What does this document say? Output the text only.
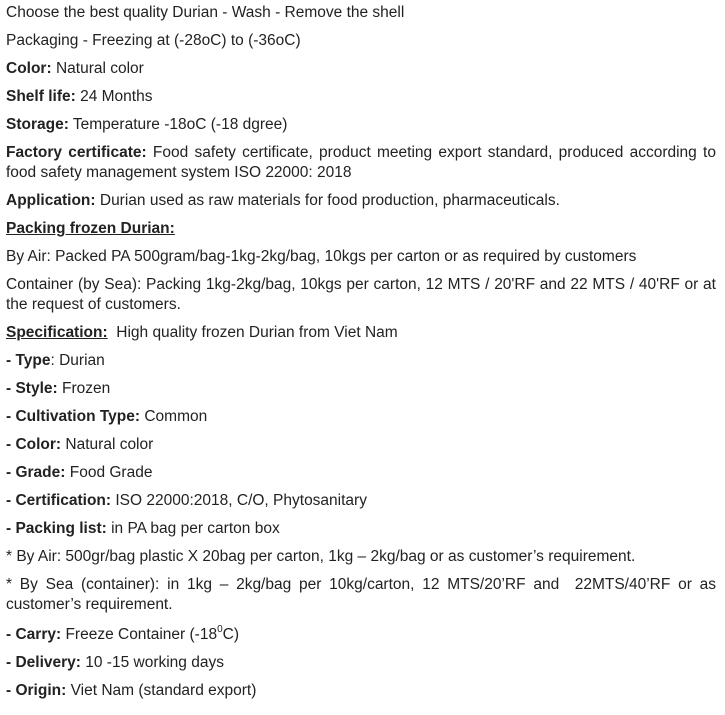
Choose the best quality Durian - Wash - Remove the shell

Packaging - Freezing at (-28oC) to (-36oC)

Color: Natural color

Shelf life: 24 Months

Storage: Temperature -18oC (-18 dgree)

Factory certificate: Food safety certificate, product meeting export standard, produced according to food safety management system ISO 22000: 2018

Application: Durian used as raw materials for food production, pharmaceuticals.

Packing frozen Durian:

By Air: Packed PA 500gram/bag-1kg-2kg/bag, 10kgs per carton or as required by customers

Container (by Sea): Packing 1kg-2kg/bag, 10kgs per carton, 12 MTS / 20'RF and 22 MTS / 40'RF or at the request of customers.

Specification:  High quality frozen Durian from Viet Nam

- Type: Durian

- Style: Frozen

- Cultivation Type: Common

- Color: Natural color

- Grade: Food Grade

- Certification: ISO 22000:2018, C/O, Phytosanitary

- Packing list: in PA bag per carton box

* By Air: 500gr/bag plastic X 20bag per carton, 1kg – 2kg/bag or as customer’s requirement.

* By Sea (container): in 1kg – 2kg/bag per 10kg/carton, 12 MTS/20’RF and  22MTS/40’RF or as customer’s requirement.

- Carry: Freeze Container $(-18^0C)$

- Delivery: 10 -15 working days

- Origin: Viet Nam (standard export)
